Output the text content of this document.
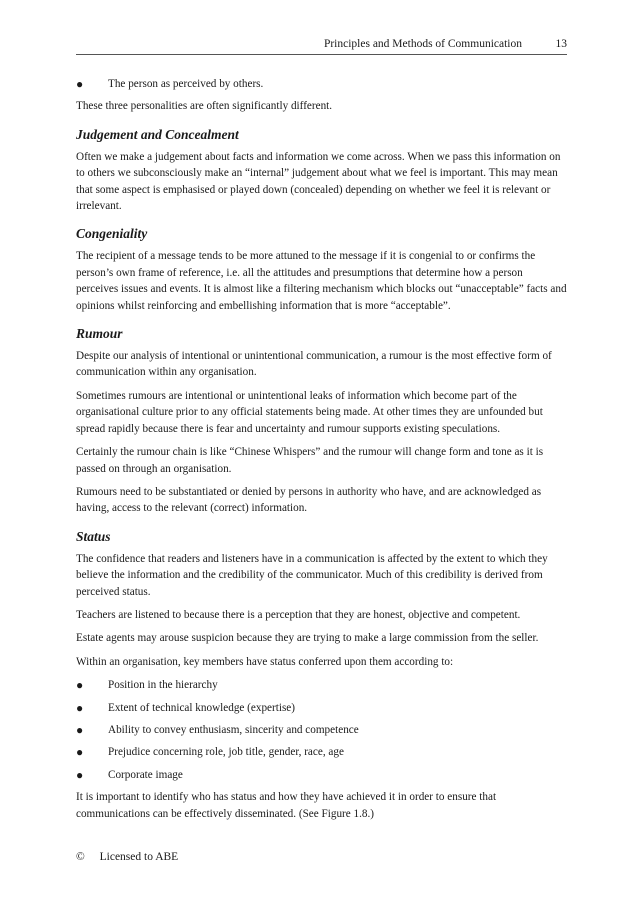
Principles and Methods of Communication	13
● The person as perceived by others.

These three personalities are often significantly different.

Judgement and Concealment

Often we make a judgement about facts and information we come across. When we pass this information on to others we subconsciously make an “internal” judgement about what we feel is important. This may mean that some aspect is emphasised or played down (concealed) depending on whether we feel it is relevant or irrelevant.

Congeniality

The recipient of a message tends to be more attuned to the message if it is congenial to or confirms the person’s own frame of reference, i.e. all the attitudes and presumptions that determine how a person perceives issues and events. It is almost like a filtering mechanism which blocks out “unacceptable” facts and opinions whilst reinforcing and embellishing information that is more “acceptable”.

Rumour

Despite our analysis of intentional or unintentional communication, a rumour is the most effective form of communication within any organisation.

Sometimes rumours are intentional or unintentional leaks of information which become part of the organisational culture prior to any official statements being made. At other times they are unfounded but spread rapidly because there is fear and uncertainty and rumour supports existing speculations.

Certainly the rumour chain is like “Chinese Whispers” and the rumour will change form and tone as it is passed on through an organisation.

Rumours need to be substantiated or denied by persons in authority who have, and are acknowledged as having, access to the relevant (correct) information.

Status

The confidence that readers and listeners have in a communication is affected by the extent to which they believe the information and the credibility of the communicator. Much of this credibility is derived from perceived status.

Teachers are listened to because there is a perception that they are honest, objective and competent.

Estate agents may arouse suspicion because they are trying to make a large commission from the seller.

Within an organisation, key members have status conferred upon them according to:

● Position in the hierarchy
● Extent of technical knowledge (expertise)
● Ability to convey enthusiasm, sincerity and competence
● Prejudice concerning role, job title, gender, race, age
● Corporate image

It is important to identify who has status and how they have achieved it in order to ensure that communications can be effectively disseminated. (See Figure 1.8.)

© Licensed to ABE
